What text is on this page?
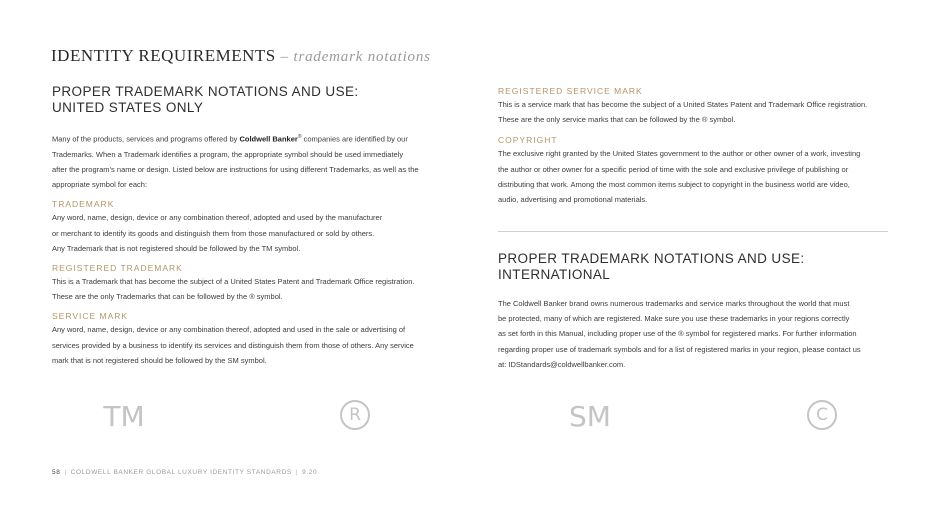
IDENTITY REQUIREMENTS – trademark notations
PROPER TRADEMARK NOTATIONS AND USE:
UNITED STATES ONLY

Many of the products, services and programs offered by Coldwell Banker® companies are identified by our
Trademarks. When a Trademark identifies a program, the appropriate symbol should be used immediately
after the program’s name or design. Listed below are instructions for using different Trademarks, as well as the
appropriate symbol for each:

TRADEMARK

Any word, name, design, device or any combination thereof, adopted and used by the manufacturer
or merchant to identify its goods and distinguish them from those manufactured or sold by others.
Any Trademark that is not registered should be followed by the TM symbol.

REGISTERED TRADEMARK

This is a Trademark that has become the subject of a United States Patent and Trademark Office registration.
These are the only Trademarks that can be followed by the ® symbol.

SERVICE MARK

Any word, name, design, device or any combination thereof, adopted and used in the sale or advertising of
services provided by a business to identify its services and distinguish them from those of others. Any service
mark that is not registered should be followed by the SM symbol.

REGISTERED SERVICE MARK

This is a service mark that has become the subject of a United States Patent and Trademark Office registration.
These are the only service marks that can be followed by the ® symbol.

COPYRIGHT

The exclusive right granted by the United States government to the author or other owner of a work, investing
the author or other owner for a specific period of time with the sole and exclusive privilege of publishing or
distributing that work. Among the most common items subject to copyright in the business world are video,
audio, advertising and promotional materials.

PROPER TRADEMARK NOTATIONS AND USE:
INTERNATIONAL

The Coldwell Banker brand owns numerous trademarks and service marks throughout the world that must
be protected, many of which are registered. Make sure you use these trademarks in your regions correctly
as set forth in this Manual, including proper use of the ® symbol for registered marks. For further information
regarding proper use of trademark symbols and for a list of registered marks in your region, please contact us
at: IDStandards@coldwellbanker.com.

TM	R	SM	C
58 | COLDWELL BANKER GLOBAL LUXURY IDENTITY STANDARDS | 9.20
